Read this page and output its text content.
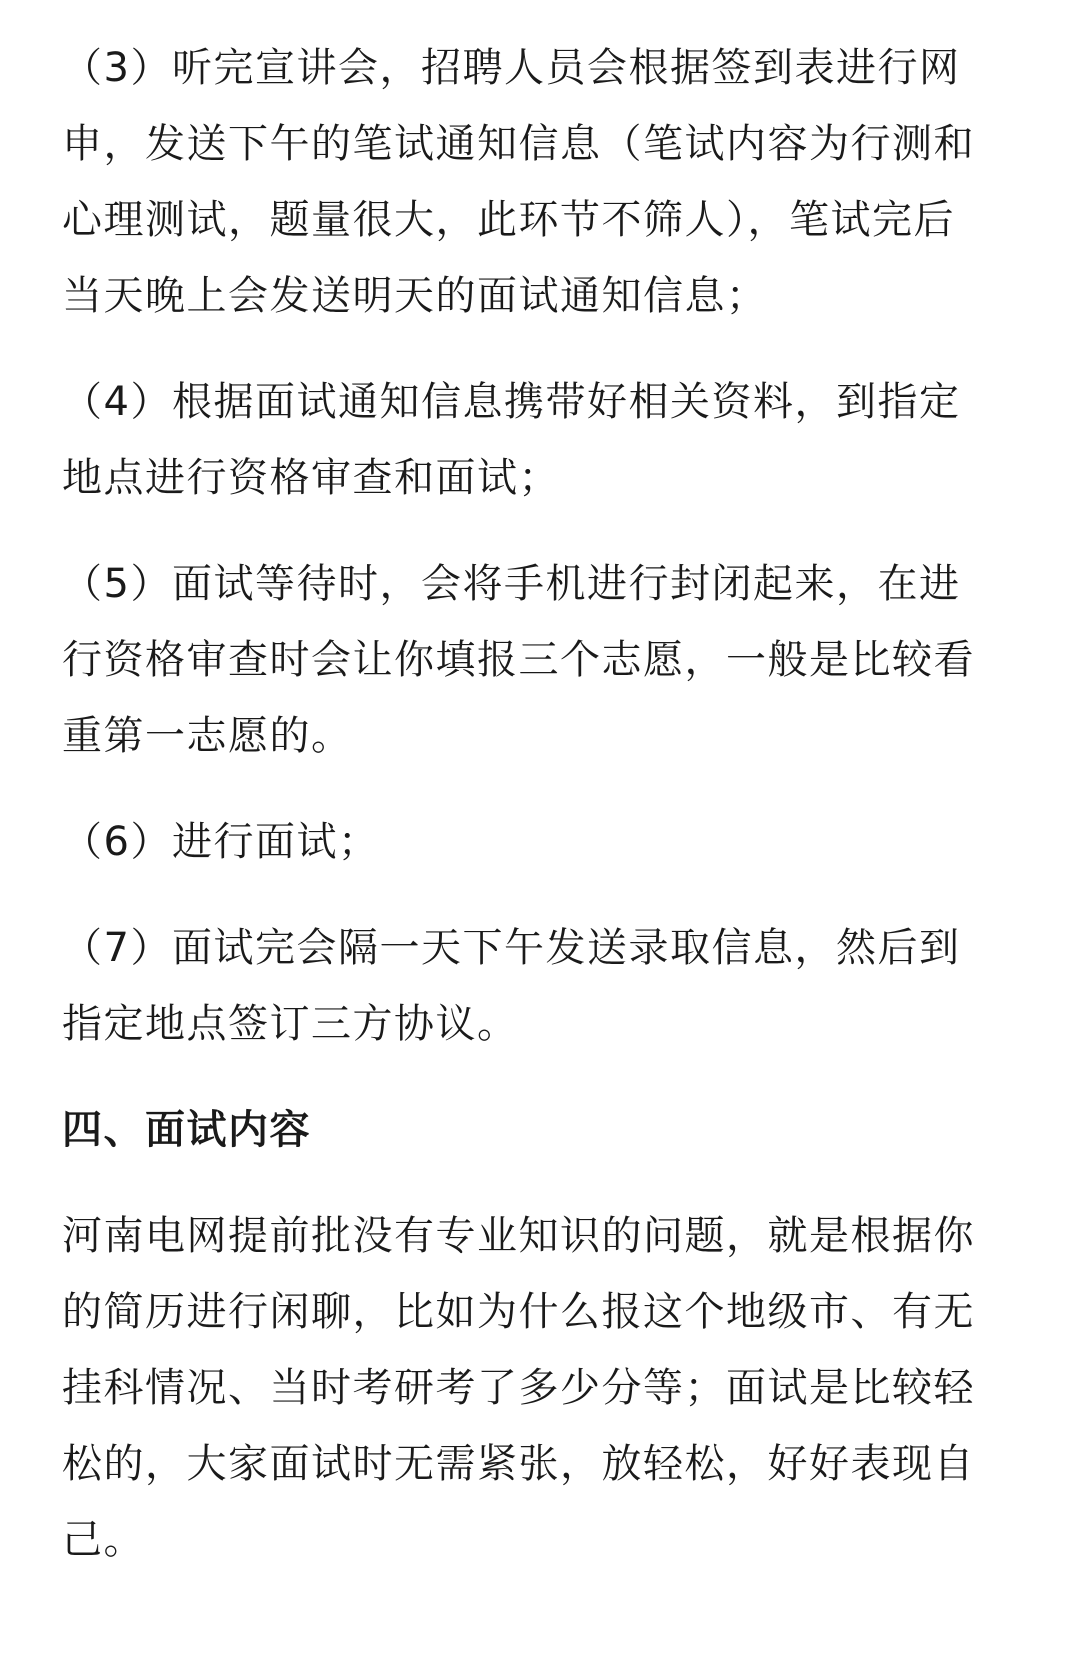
（3）听完宣讲会，招聘人员会根据签到表进行网
申，发送下午的笔试通知信息（笔试内容为行测和
心理测试，题量很大，此环节不筛人），笔试完后
当天晚上会发送明天的面试通知信息；
（4）根据面试通知信息携带好相关资料，到指定
地点进行资格审查和面试；
（5）面试等待时，会将手机进行封闭起来，在进
行资格审查时会让你填报三个志愿，一般是比较看
重第一志愿的。
（6）进行面试；
（7）面试完会隔一天下午发送录取信息，然后到
指定地点签订三方协议。
四、面试内容
河南电网提前批没有专业知识的问题，就是根据你
的简历进行闲聊，比如为什么报这个地级市、有无
挂科情况、当时考研考了多少分等；面试是比较轻
松的，大家面试时无需紧张，放轻松，好好表现自
己。
